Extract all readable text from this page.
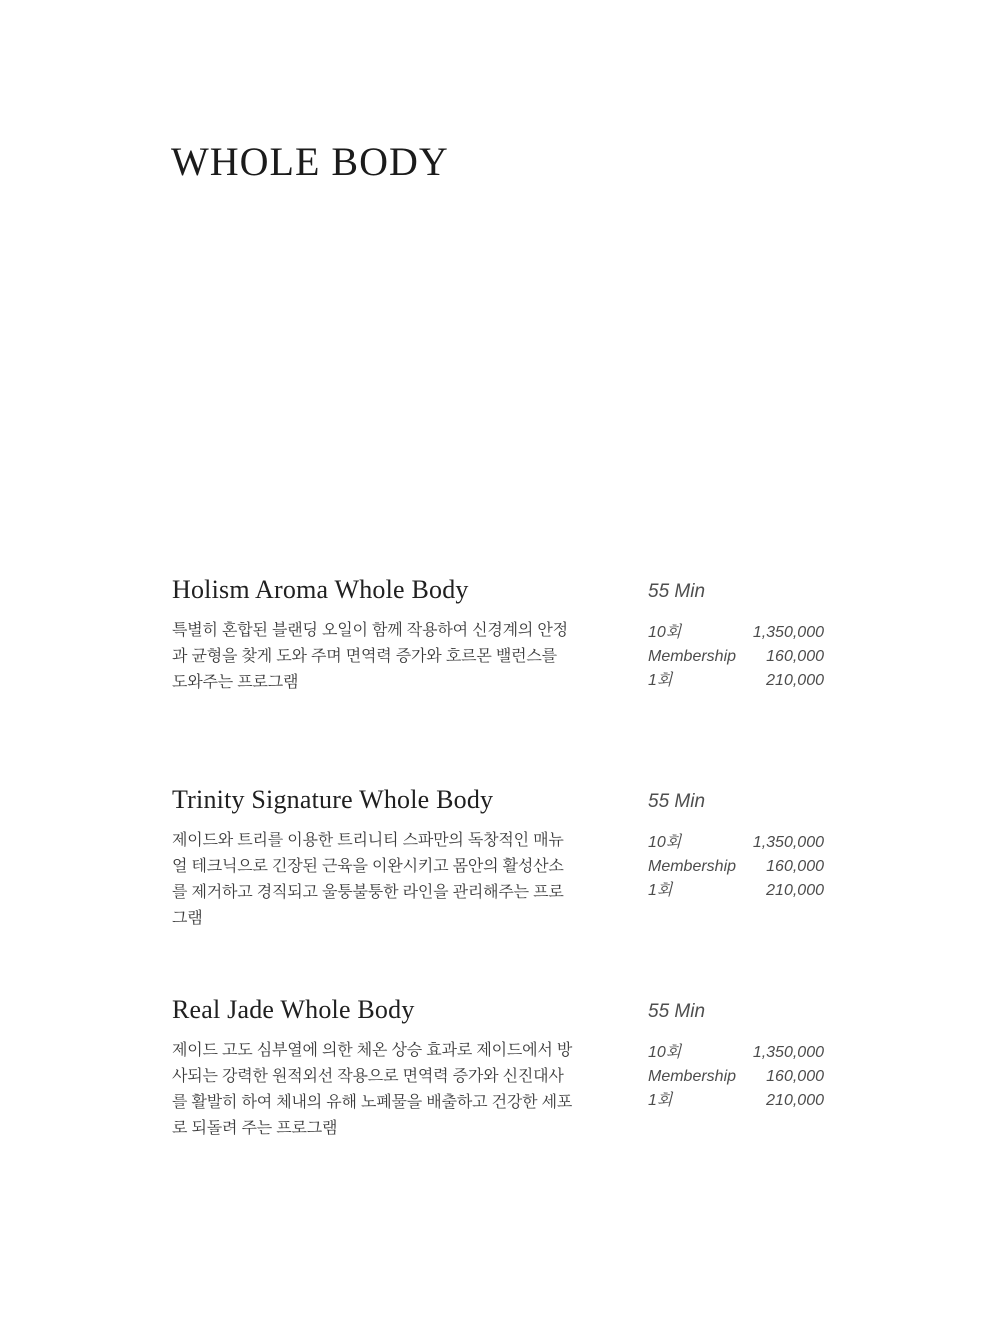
WHOLE BODY
Holism Aroma Whole Body	55 Min

특별히 혼합된 블랜딩 오일이 함께 작용하여 신경계의 안정과 균형을 찾게 도와 주며 면역력 증가와 호르몬 밸런스를 도와주는 프로그램

10회	1,350,000
Membership 160,000
1회	210,000
Trinity Signature Whole Body	55 Min

제이드와 트리를 이용한 트리니티 스파만의 독창적인 매뉴얼 테크닉으로 긴장된 근육을 이완시키고 몸안의 활성산소를 제거하고 경직되고 울퉁불퉁한 라인을 관리해주는 프로그램

10회	1,350,000
Membership 160,000
1회	210,000
Real Jade Whole Body	55 Min

제이드 고도 심부열에 의한 체온 상승 효과로 제이드에서 방사되는 강력한 원적외선 작용으로 면역력 증가와 신진대사를 활발히 하여 체내의 유해 노폐물을 배출하고 건강한 세포로 되돌려 주는 프로그램

10회	1,350,000
Membership 160,000
1회	210,000
